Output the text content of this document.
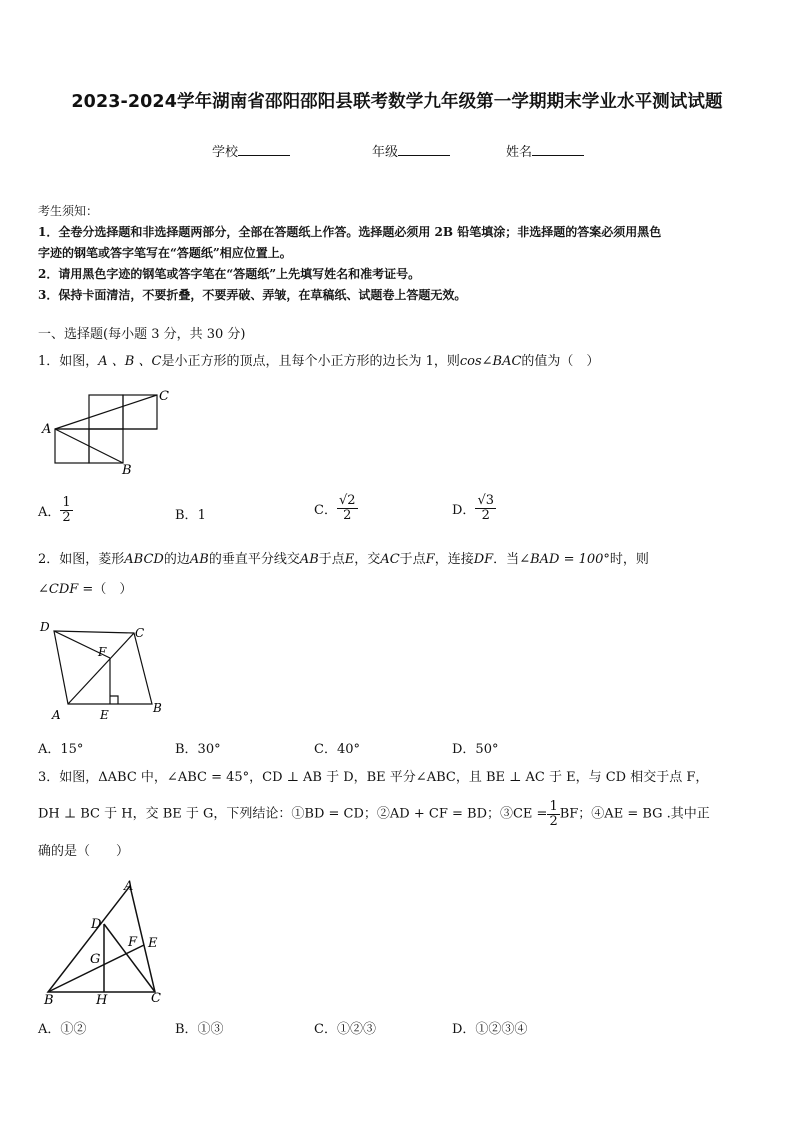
2023-2024学年湖南省邵阳邵阳县联考数学九年级第一学期期末学业水平测试试题
学校	年级	姓名
考生须知：
1．全卷分选择题和非选择题两部分，全部在答题纸上作答。选择题必须用 2B 铅笔填涂；非选择题的答案必须用黑色
字迹的钢笔或答字笔写在“答题纸”相应位置上。
2．请用黑色字迹的钢笔或答字笔在“答题纸”上先填写姓名和准考证号。
3．保持卡面清洁，不要折叠，不要弄破、弄皱，在草稿纸、试题卷上答题无效。
一、选择题(每小题 3 分，共 30 分)
1．如图，A 、B 、C是小正方形的顶点，且每个小正方形的边长为 1，则cos∠BAC的值为（　）
A
C
B
A． $\frac{1}{2}$	B．1	C． $\frac{√2}{2}$	D． $\frac{√3}{2}$
2．如图，菱形ABCD的边AB的垂直平分线交AB于点E，交AC于点F，连接DF．当∠BAD = 100°时，则
∠CDF =（　）
D	C
F
A	E	B
A．15°	B．30°	C．40°	D．50°
3．如图，ΔABC 中，∠ABC = 45°，CD ⊥ AB 于 D，BE 平分∠ABC，且 BE ⊥ AC 于 E，与 CD 相交于点 F，
DH ⊥ BC 于 H，交 BE 于 G，下列结论：①BD = CD；②AD + CF = BD；③CE = $\frac{1}{2}$ BF；④AE = BG .其中正
确的是（　　）
A
D
F E
G
B	H	C
A．①②	B．①③	C．①②③	D．①②③④
